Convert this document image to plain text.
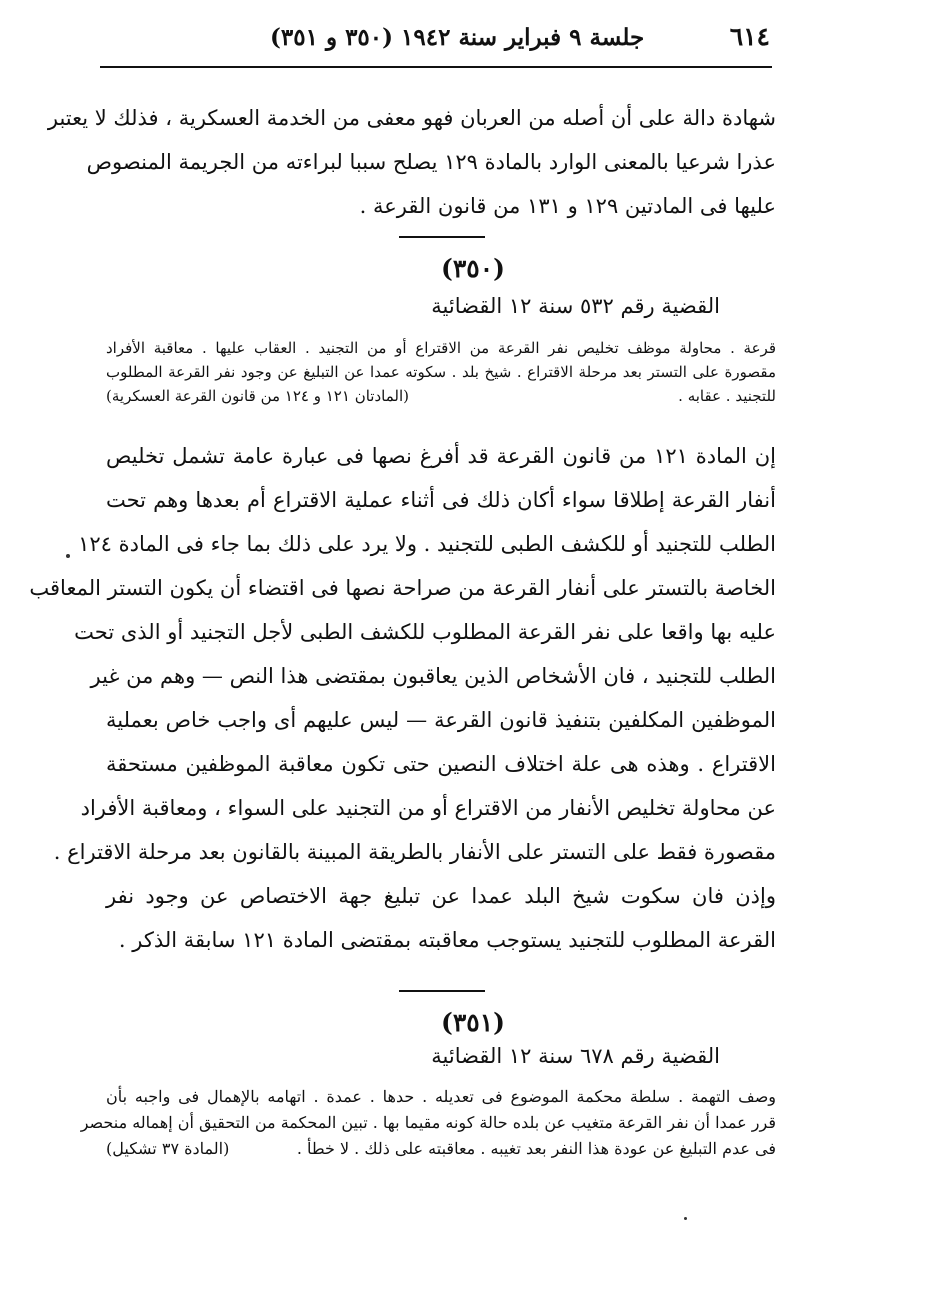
٦١٤
جلسة ٩ فبراير سنة ١٩٤٢ (٣٥٠ و ٣٥١)
شهادة دالة على أن أصله من العربان فهو معفى من الخدمة العسكرية ، فذلك لا يعتبر
عذرا شرعيا بالمعنى الوارد بالمادة ١٢٩ يصلح سببا لبراءته من الجريمة المنصوص
عليها فى المادتين ١٢٩ و ١٣١ من قانون القرعة .
(٣٥٠)
القضية رقم ٥٣٢ سنة ١٢ القضائية
قرعة . محاولة موظف تخليص نفر القرعة من الاقتراع أو من التجنيد . العقاب عليها . معاقبة الأفراد
مقصورة على التستر بعد مرحلة الاقتراع . شيخ بلد . سكوته عمدا عن التبليغ عن وجود نفر القرعة المطلوب
للتجنيد . عقابه .
(المادتان ١٢١ و ١٢٤ من قانون القرعة العسكرية)
إن المادة ١٢١ من قانون القرعة قد أفرغ نصها فى عبارة عامة تشمل تخليص
أنفار القرعة إطلاقا سواء أكان ذلك فى أثناء عملية الاقتراع أم بعدها وهم تحت
الطلب للتجنيد أو للكشف الطبى للتجنيد . ولا يرد على ذلك بما جاء فى المادة ١٢٤
الخاصة بالتستر على أنفار القرعة من صراحة نصها فى اقتضاء أن يكون التستر المعاقب
عليه بها واقعا على نفر القرعة المطلوب للكشف الطبى لأجل التجنيد أو الذى تحت
الطلب للتجنيد ، فان الأشخاص الذين يعاقبون بمقتضى هذا النص — وهم من غير
الموظفين المكلفين بتنفيذ قانون القرعة — ليس عليهم أى واجب خاص بعملية
الاقتراع . وهذه هى علة اختلاف النصين حتى تكون معاقبة الموظفين مستحقة
عن محاولة تخليص الأنفار من الاقتراع أو من التجنيد على السواء ، ومعاقبة الأفراد
مقصورة فقط على التستر على الأنفار بالطريقة المبينة بالقانون بعد مرحلة الاقتراع .
وإذن فان سكوت شيخ البلد عمدا عن تبليغ جهة الاختصاص عن وجود نفر
القرعة المطلوب للتجنيد يستوجب معاقبته بمقتضى المادة ١٢١ سابقة الذكر .
(٣٥١)
القضية رقم ٦٧٨ سنة ١٢ القضائية
وصف التهمة . سلطة محكمة الموضوع فى تعديله . حدها . عمدة . اتهامه بالإهمال فى واجبه بأن
قرر عمدا أن نفر القرعة متغيب عن بلده حالة كونه مقيما بها . تبين المحكمة من التحقيق أن إهماله منحصر
فى عدم التبليغ عن عودة هذا النفر بعد تغيبه . معاقبته على ذلك . لا خطأ .
(المادة ٣٧ تشكيل)
